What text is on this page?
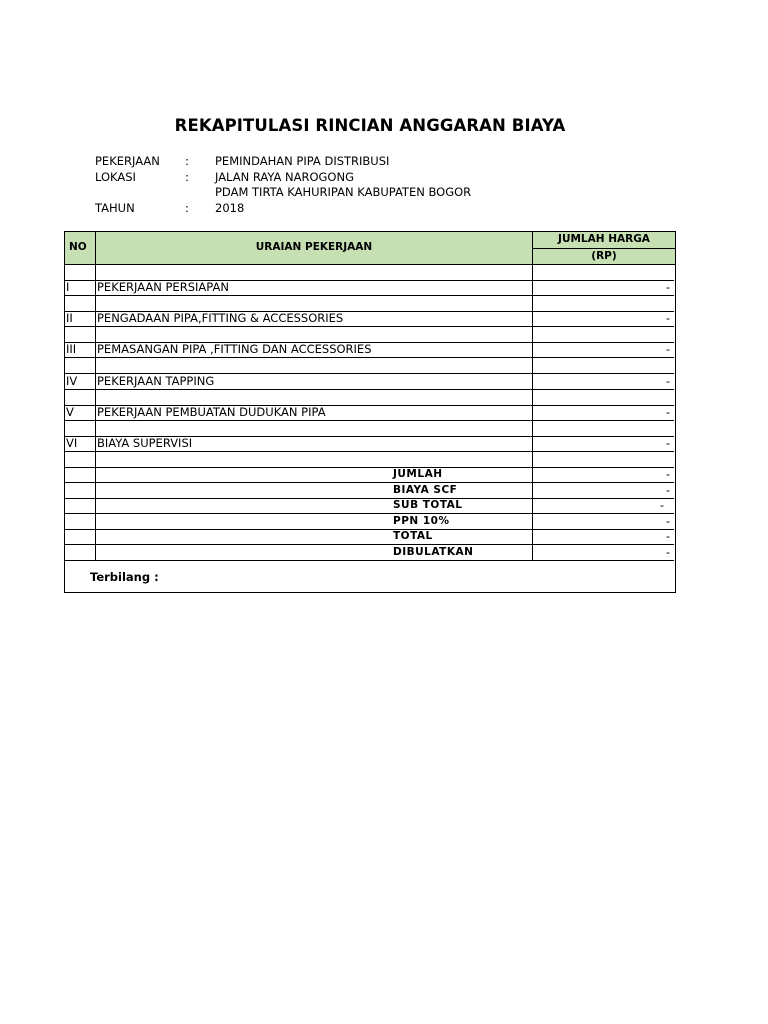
REKAPITULASI RINCIAN ANGGARAN BIAYA
PEKERJAAN : PEMINDAHAN PIPA DISTRIBUSI
LOKASI	: JALAN RAYA NAROGONG
PDAM TIRTA KAHURIPAN KABUPATEN BOGOR
TAHUN	: 2018
NO	URAIAN PEKERJAAN
JUMLAH HARGA
(RP)
I	PEKERJAAN PERSIAPAN	-
II	PENGADAAN PIPA,FITTING & ACCESSORIES	-
III	PEMASANGAN PIPA ,FITTING DAN ACCESSORIES	-
IV	PEKERJAAN TAPPING	-
V	PEKERJAAN PEMBUATAN DUDUKAN PIPA	-
VI	BIAYA SUPERVISI	-
JUMLAH	-
BIAYA SCF	-
SUB TOTAL	-
PPN 10%	-
TOTAL	-
DIBULATKAN	-
Terbilang :
